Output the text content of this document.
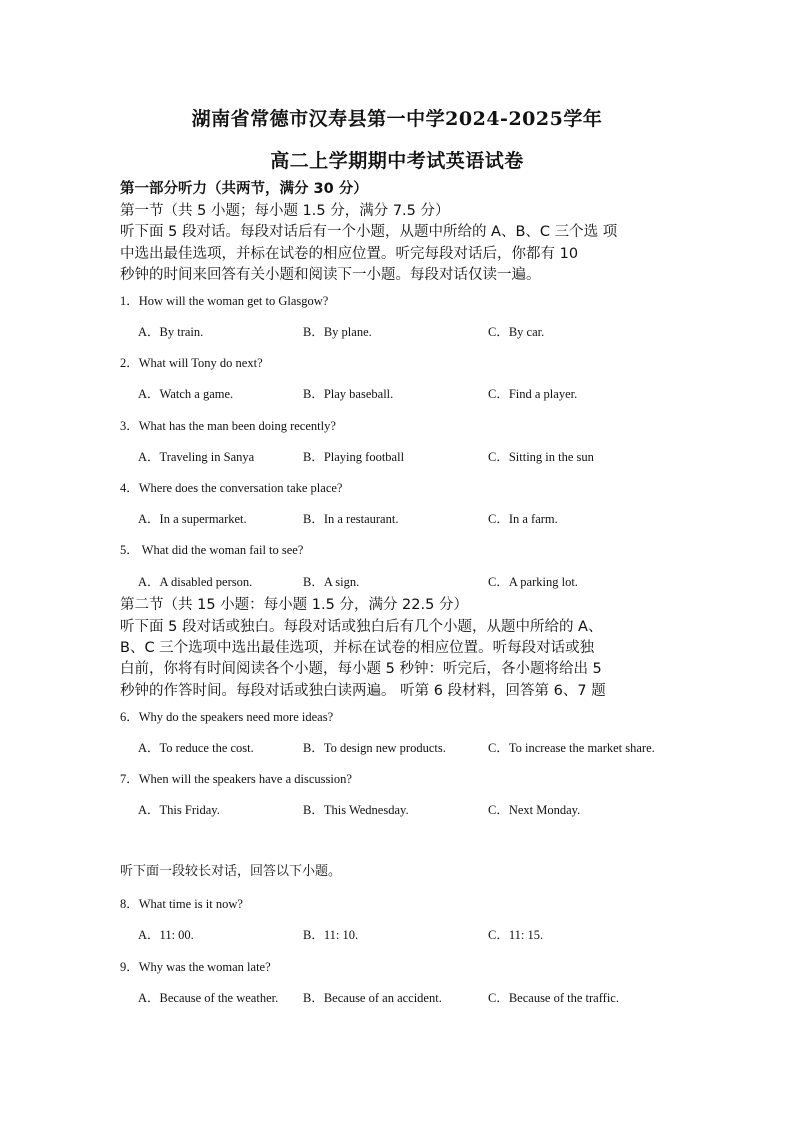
湖南省常德市汉寿县第一中学2024-2025学年
高二上学期期中考试英语试卷
第一部分听力（共两节，满分 30 分）
第一节（共 5 小题；每小题 1.5 分，满分 7.5 分）
听下面 5 段对话。每段对话后有一个小题，从题中所给的 A、B、C 三个选 项
中选出最佳选项，并标在试卷的相应位置。听完每段对话后，你都有 10
秒钟的时间来回答有关小题和阅读下一小题。每段对话仅读一遍。
1．How will the woman get to Glasgow?
A．By train.	B．By plane.	C．By car.
2．What will Tony do next?
A．Watch a game.	B．Play baseball.	C．Find a player.
3．What has the man been doing recently?
A．Traveling in Sanya	B．Playing football	C．Sitting in the sun
4．Where does the conversation take place?
A．In a supermarket.	B．In a restaurant.	C．In a farm.
5． What did the woman fail to see?
A．A disabled person.	B．A sign.	C．A parking lot.
第二节（共 15 小题：每小题 1.5 分，满分 22.5 分）
听下面 5 段对话或独白。每段对话或独白后有几个小题，从题中所给的 A、
B、C 三个选项中选出最佳选项，并标在试卷的相应位置。听每段对话或独
白前，你将有时间阅读各个小题，每小题 5 秒钟：听完后，各小题将给出 5
秒钟的作答时间。每段对话或独白读两遍。 听第 6 段材料，回答第 6、7 题
6．Why do the speakers need more ideas?
A．To reduce the cost.	B．To design new products.	C．To increase the market share.
7．When will the speakers have a discussion?
A．This Friday.	B．This Wednesday.	C．Next Monday.
听下面一段较长对话，回答以下小题。
8．What time is it now?
A．11: 00.	B．11: 10.	C．11: 15.
9．Why was the woman late?
A．Because of the weather. B．Because of an accident.	C．Because of the traffic.
